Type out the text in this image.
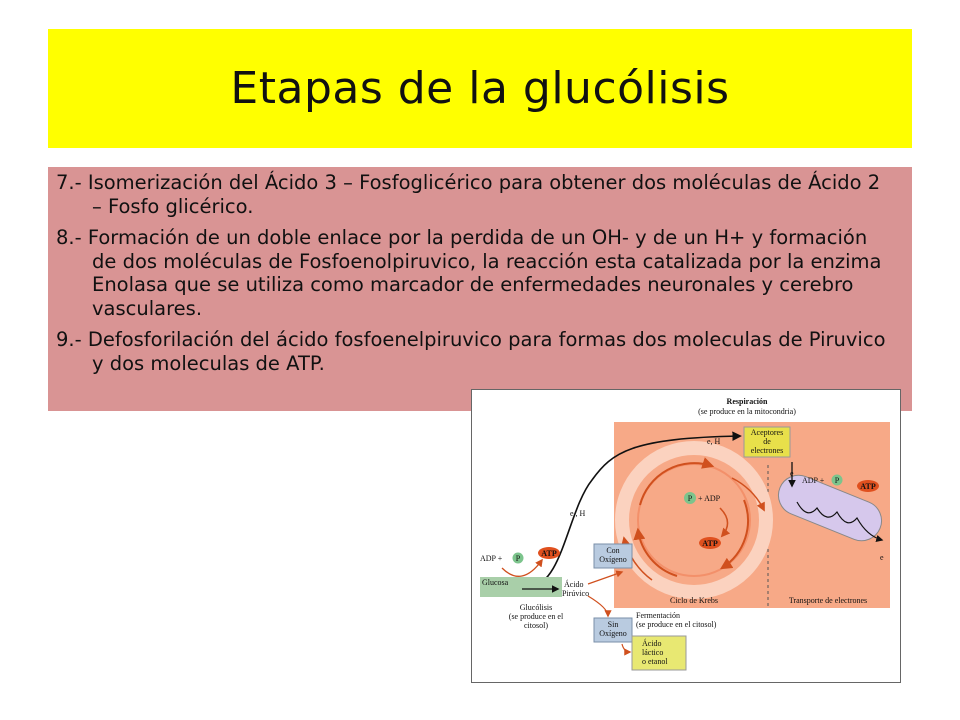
Etapas de la glucólisis
7.- Isomerización del Ácido 3 – Fosfoglicérico para obtener dos moléculas de Ácido 2 – Fosfo glicérico.
8.- Formación de un doble enlace por la perdida de un OH- y de un H+ y formación de dos moléculas de Fosfoenolpiruvico, la reacción esta catalizada por la enzima Enolasa que se utiliza como marcador de enfermedades neuronales y cerebro vasculares.
9.- Defosforilación del ácido fosfoenelpiruvico para formas dos moleculas de Piruvico y dos moleculas de ATP.
Respiración
(se produce en la mitocondria)
P + ADP
ATP
Aceptores
de
electrones
e, H
e , H
e
e
ADP + P
ATP
ADP + P
ATP
Glucosa	Ácido
Pirúvico
Glucólisis
(se produce en el
citosol)
Con
Oxígeno
Sin
Oxígeno
Ciclo de Krebs	Transporte de electrones
Fermentación
(se produce en el citosol)
Ácido
láctico
o etanol
